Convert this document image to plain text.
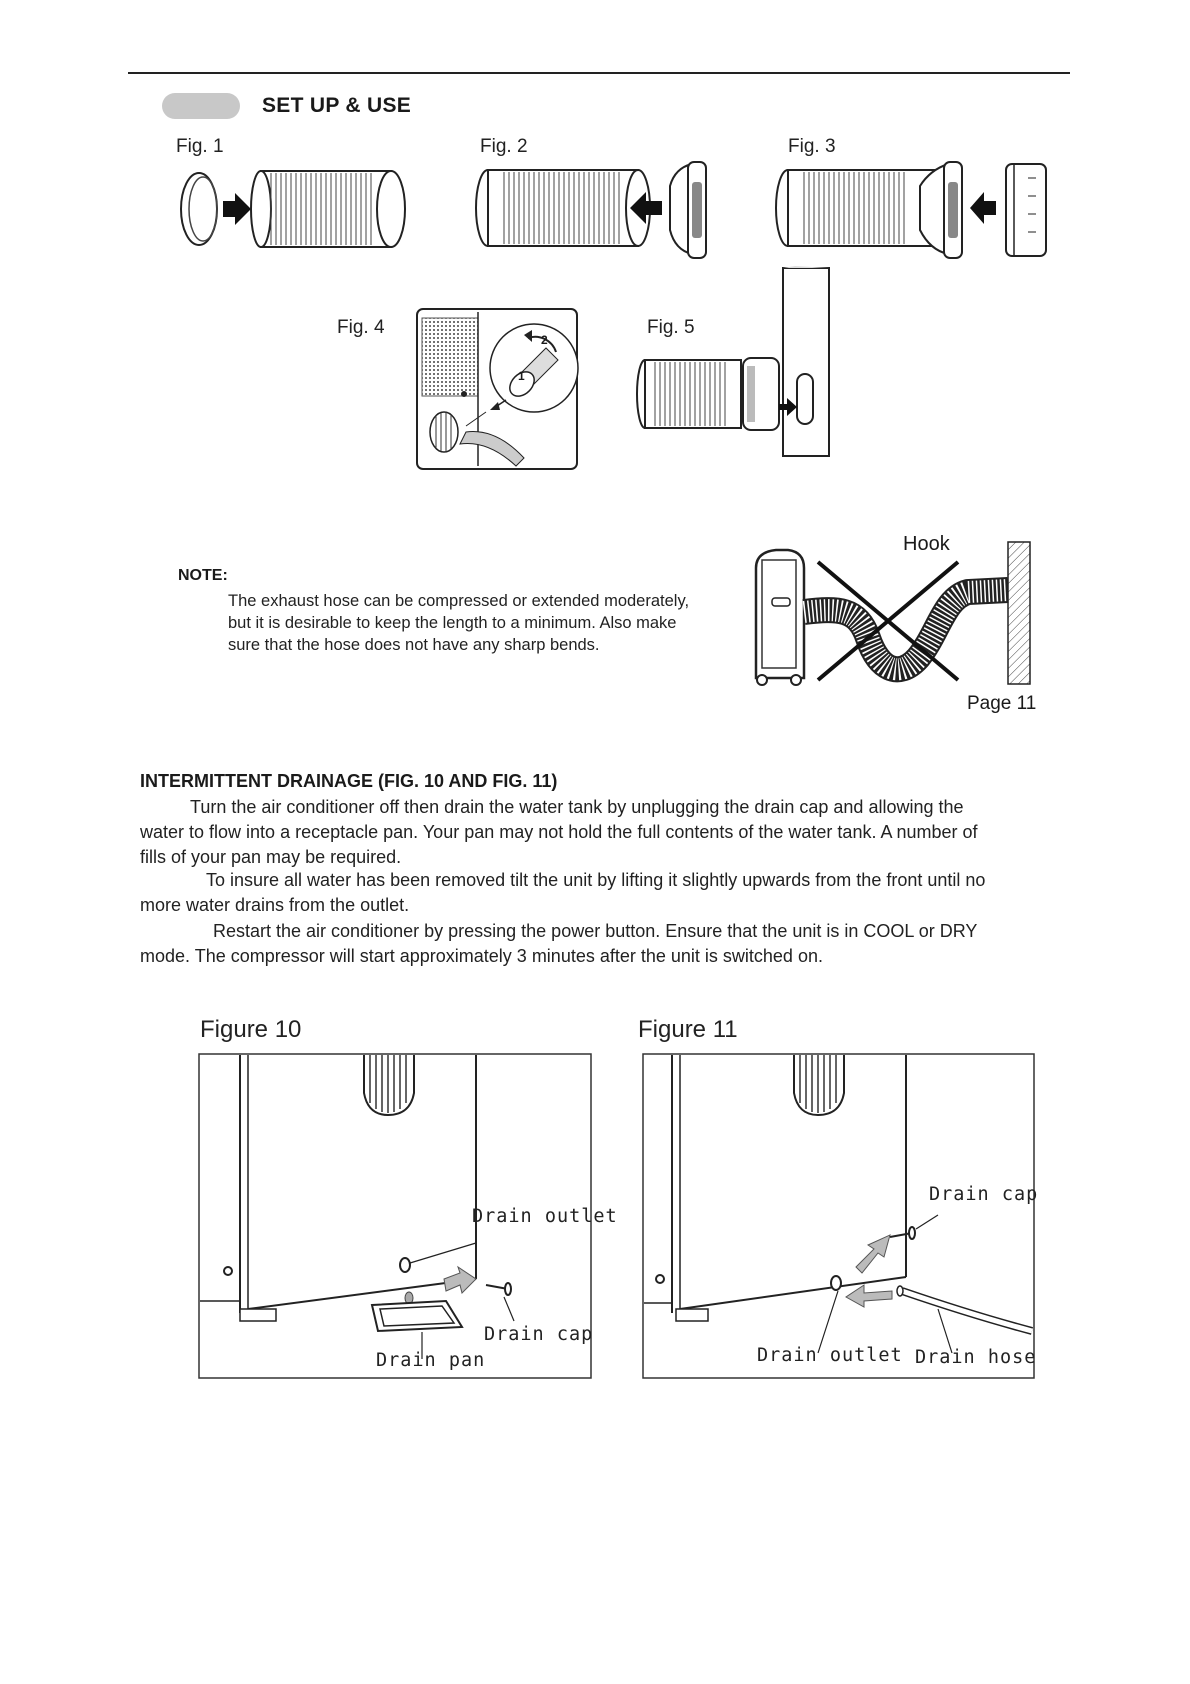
SET UP & USE
Fig. 1	Fig. 2	Fig. 3
Fig. 4
2
1
Fig. 5
Hook
Page 11
NOTE:
The exhaust hose can be compressed or extended moderately,
but it is desirable to keep the length to a minimum. Also make
sure that the hose does not have any sharp bends.
INTERMITTENT DRAINAGE (FIG. 10 AND FIG. 11)

Turn the air conditioner off then drain the water tank by unplugging the drain cap and allowing the

water to flow into a receptacle pan. Your pan may not hold the full contents of the water tank. A number of

fills of your pan may be required.

To insure all water has been removed tilt the unit by lifting it slightly upwards from the front until no

more water drains from the outlet.

Restart the air conditioner by pressing the power button. Ensure that the unit is in COOL or DRY

mode. The compressor will start approximately 3 minutes after the unit is switched on.

Figure 10
Drain outlet
Drain cap
Drain pan
Figure 11
Drain cap
Drain outlet Drain hose
